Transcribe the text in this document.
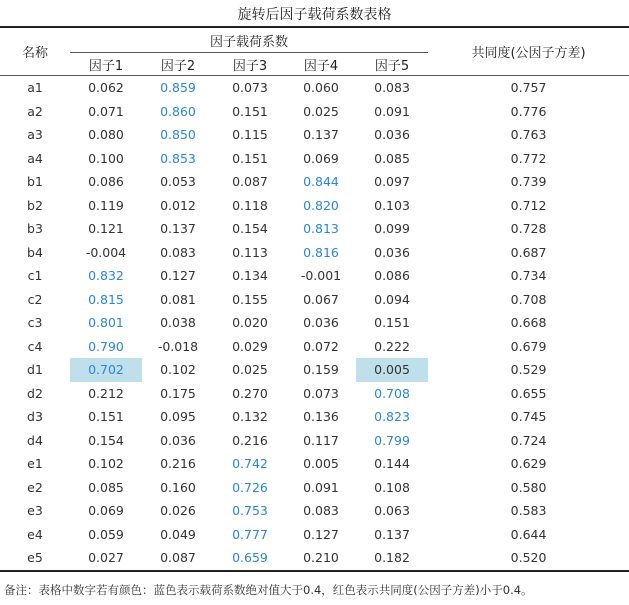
旋转后因子载荷系数表格
名称	因子载荷系数					共同度(公因子方差)
	因子1	因子2	因子3	因子4	因子5	
a1	0.062	0.859	0.073	0.060	0.083	0.757
a2	0.071	0.860	0.151	0.025	0.091	0.776
a3	0.080	0.850	0.115	0.137	0.036	0.763
a4	0.100	0.853	0.151	0.069	0.085	0.772
b1	0.086	0.053	0.087	0.844	0.097	0.739
b2	0.119	0.012	0.118	0.820	0.103	0.712
b3	0.121	0.137	0.154	0.813	0.099	0.728
b4	-0.004	0.083	0.113	0.816	0.036	0.687
c1	0.832	0.127	0.134	-0.001	0.086	0.734
c2	0.815	0.081	0.155	0.067	0.094	0.708
c3	0.801	0.038	0.020	0.036	0.151	0.668
c4	0.790	-0.018	0.029	0.072	0.222	0.679
d1	0.702	0.102	0.025	0.159	0.005	0.529
d2	0.212	0.175	0.270	0.073	0.708	0.655
d3	0.151	0.095	0.132	0.136	0.823	0.745
d4	0.154	0.036	0.216	0.117	0.799	0.724
e1	0.102	0.216	0.742	0.005	0.144	0.629
e2	0.085	0.160	0.726	0.091	0.108	0.580
e3	0.069	0.026	0.753	0.083	0.063	0.583
e4	0.059	0.049	0.777	0.127	0.137	0.644
e5	0.027	0.087	0.659	0.210	0.182	0.520
备注：表格中数字若有颜色：蓝色表示载荷系数绝对值大于0.4，红色表示共同度(公因子方差)小于0.4。
